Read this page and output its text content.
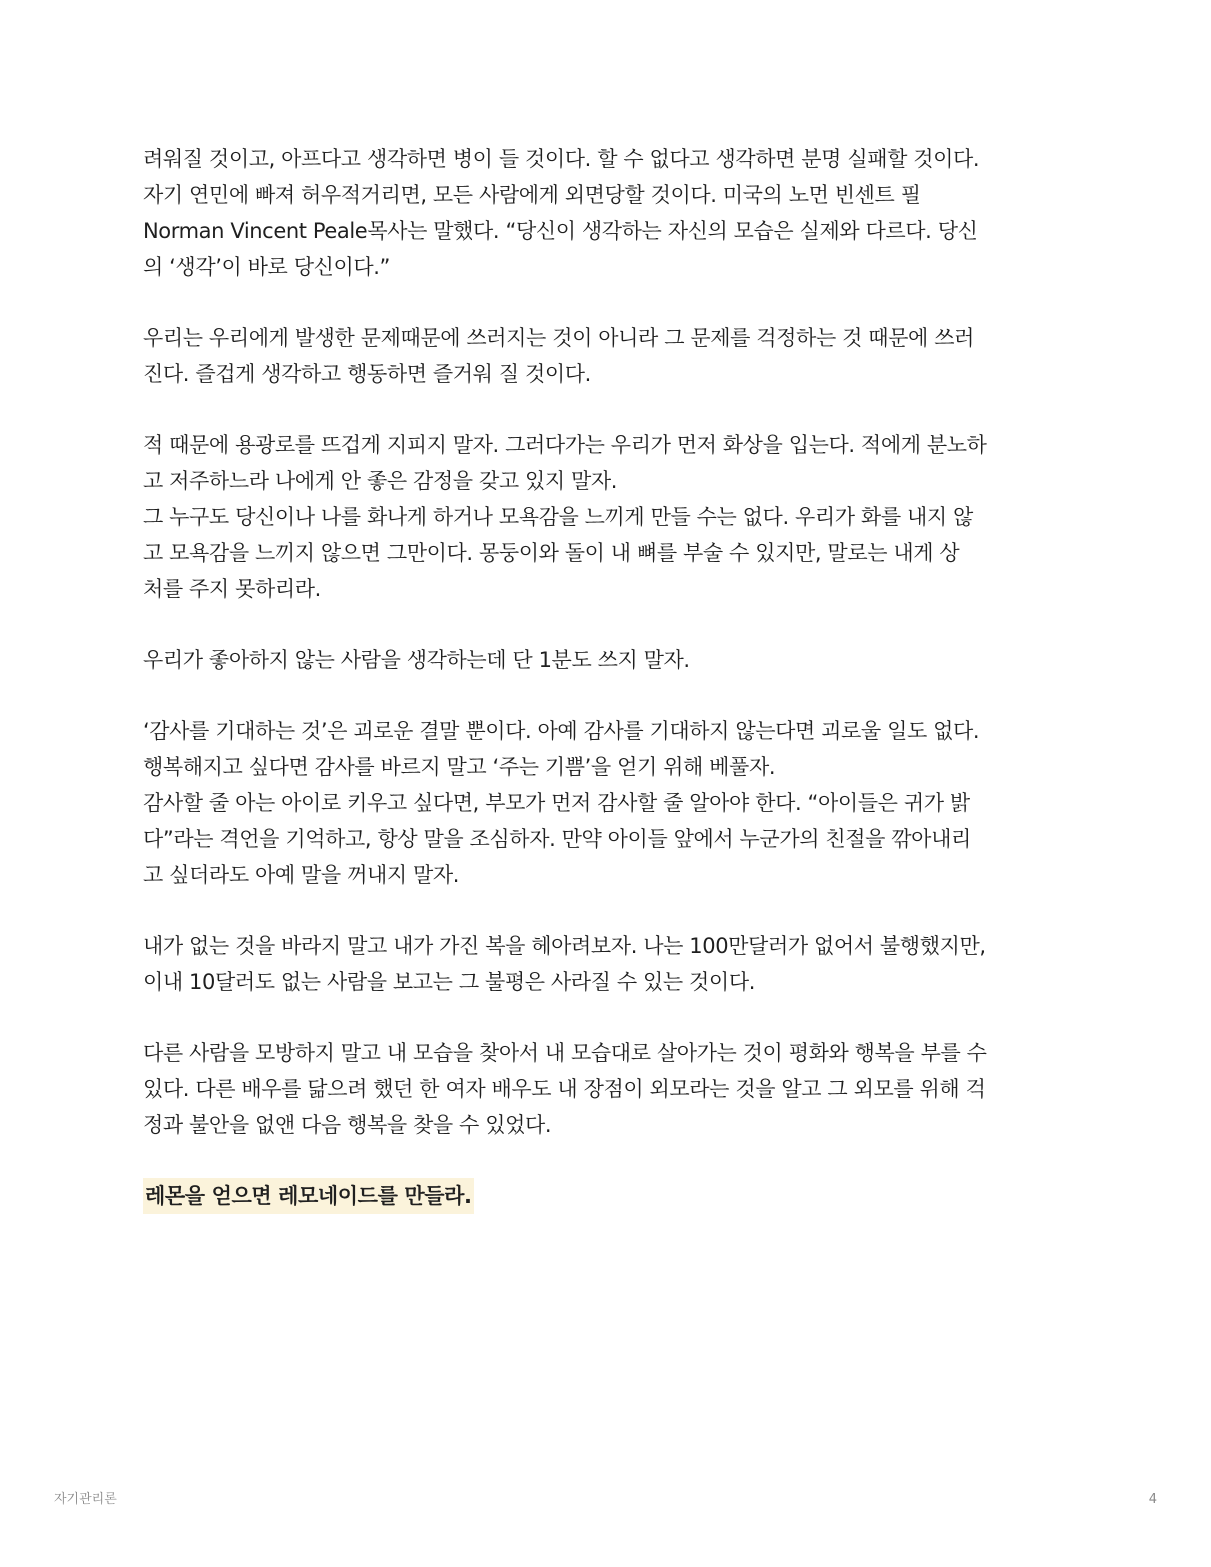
려워질 것이고, 아프다고 생각하면 병이 들 것이다. 할 수 없다고 생각하면 분명 실패할 것이다.
자기 연민에 빠져 허우적거리면, 모든 사람에게 외면당할 것이다. 미국의 노먼 빈센트 필
Norman Vincent Peale목사는 말했다. “당신이 생각하는 자신의 모습은 실제와 다르다. 당신
의 ‘생각’이 바로 당신이다.”
우리는 우리에게 발생한 문제때문에 쓰러지는 것이 아니라 그 문제를 걱정하는 것 때문에 쓰러
진다. 즐겁게 생각하고 행동하면 즐거워 질 것이다.
적 때문에 용광로를 뜨겁게 지피지 말자. 그러다가는 우리가 먼저 화상을 입는다. 적에게 분노하
고 저주하느라 나에게 안 좋은 감정을 갖고 있지 말자.
그 누구도 당신이나 나를 화나게 하거나 모욕감을 느끼게 만들 수는 없다. 우리가 화를 내지 않
고 모욕감을 느끼지 않으면 그만이다. 몽둥이와 돌이 내 뼈를 부술 수 있지만, 말로는 내게 상
처를 주지 못하리라.
우리가 좋아하지 않는 사람을 생각하는데 단 1분도 쓰지 말자.
‘감사를 기대하는 것’은 괴로운 결말 뿐이다. 아예 감사를 기대하지 않는다면 괴로울 일도 없다.
행복해지고 싶다면 감사를 바르지 말고 ‘주는 기쁨’을 얻기 위해 베풀자.
감사할 줄 아는 아이로 키우고 싶다면, 부모가 먼저 감사할 줄 알아야 한다. “아이들은 귀가 밝
다”라는 격언을 기억하고, 항상 말을 조심하자. 만약 아이들 앞에서 누군가의 친절을 깎아내리
고 싶더라도 아예 말을 꺼내지 말자.
내가 없는 것을 바라지 말고 내가 가진 복을 헤아려보자. 나는 100만달러가 없어서 불행했지만,
이내 10달러도 없는 사람을 보고는 그 불평은 사라질 수 있는 것이다.
다른 사람을 모방하지 말고 내 모습을 찾아서 내 모습대로 살아가는 것이 평화와 행복을 부를 수
있다. 다른 배우를 닮으려 했던 한 여자 배우도 내 장점이 외모라는 것을 알고 그 외모를 위해 걱
정과 불안을 없앤 다음 행복을 찾을 수 있었다.
레몬을 얻으면 레모네이드를 만들라.
자기관리론	4
